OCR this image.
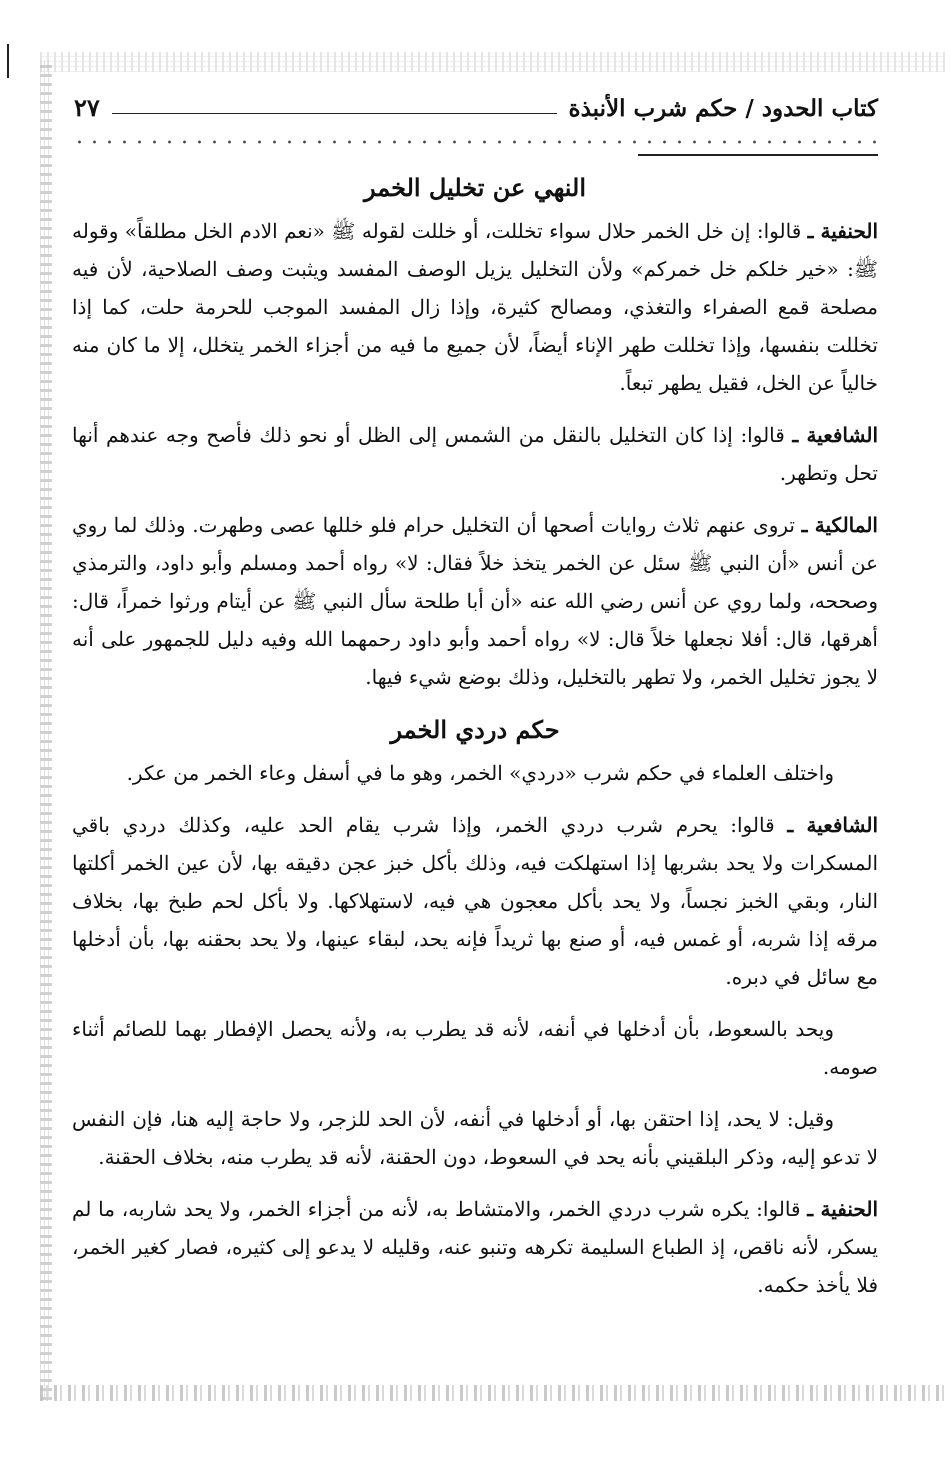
كتاب الحدود / حكم شرب الأنبذة
٢٧
النهي عن تخليل الخمر

الحنفية ـ قالوا: إن خل الخمر حلال سواء تخللت، أو خللت لقوله ﷺ «نعم الادم الخل مطلقاً» وقوله ﷺ: «خير خلكم خل خمركم» ولأن التخليل يزيل الوصف المفسد ويثبت وصف الصلاحية، لأن فيه مصلحة قمع الصفراء والتغذي، ومصالح كثيرة، وإذا زال المفسد الموجب للحرمة حلت، كما إذا تخللت بنفسها، وإذا تخللت طهر الإناء أيضاً، لأن جميع ما فيه من أجزاء الخمر يتخلل، إلا ما كان منه خالياً عن الخل، فقيل يطهر تبعاً.

الشافعية ـ قالوا: إذا كان التخليل بالنقل من الشمس إلى الظل أو نحو ذلك فأصح وجه عندهم أنها تحل وتطهر.

المالكية ـ تروى عنهم ثلاث روايات أصحها أن التخليل حرام فلو خللها عصى وطهرت. وذلك لما روي عن أنس «أن النبي ﷺ سئل عن الخمر يتخذ خلاً فقال: لا» رواه أحمد ومسلم وأبو داود، والترمذي وصححه، ولما روي عن أنس رضي الله عنه «أن أبا طلحة سأل النبي ﷺ عن أيتام ورثوا خمراً، قال: أهرقها، قال: أفلا نجعلها خلاً قال: لا» رواه أحمد وأبو داود رحمهما الله وفيه دليل للجمهور على أنه لا يجوز تخليل الخمر، ولا تطهر بالتخليل، وذلك بوضع شيء فيها.

حكم دردي الخمر

واختلف العلماء في حكم شرب «دردي» الخمر، وهو ما في أسفل وعاء الخمر من عكر.

الشافعية ـ قالوا: يحرم شرب دردي الخمر، وإذا شرب يقام الحد عليه، وكذلك دردي باقي المسكرات ولا يحد بشربها إذا استهلكت فيه، وذلك بأكل خبز عجن دقيقه بها، لأن عين الخمر أكلتها النار، وبقي الخبز نجساً، ولا يحد بأكل معجون هي فيه، لاستهلاكها. ولا بأكل لحم طبخ بها، بخلاف مرقه إذا شربه، أو غمس فيه، أو صنع بها ثريداً فإنه يحد، لبقاء عينها، ولا يحد بحقنه بها، بأن أدخلها مع سائل في دبره.

ويحد بالسعوط، بأن أدخلها في أنفه، لأنه قد يطرب به، ولأنه يحصل الإفطار بهما للصائم أثناء صومه.

وقيل: لا يحد، إذا احتقن بها، أو أدخلها في أنفه، لأن الحد للزجر، ولا حاجة إليه هنا، فإن النفس لا تدعو إليه، وذكر البلقيني بأنه يحد في السعوط، دون الحقنة، لأنه قد يطرب منه، بخلاف الحقنة.

الحنفية ـ قالوا: يكره شرب دردي الخمر، والامتشاط به، لأنه من أجزاء الخمر، ولا يحد شاربه، ما لم يسكر، لأنه ناقص، إذ الطباع السليمة تكرهه وتنبو عنه، وقليله لا يدعو إلى كثيره، فصار كغير الخمر، فلا يأخذ حكمه.
